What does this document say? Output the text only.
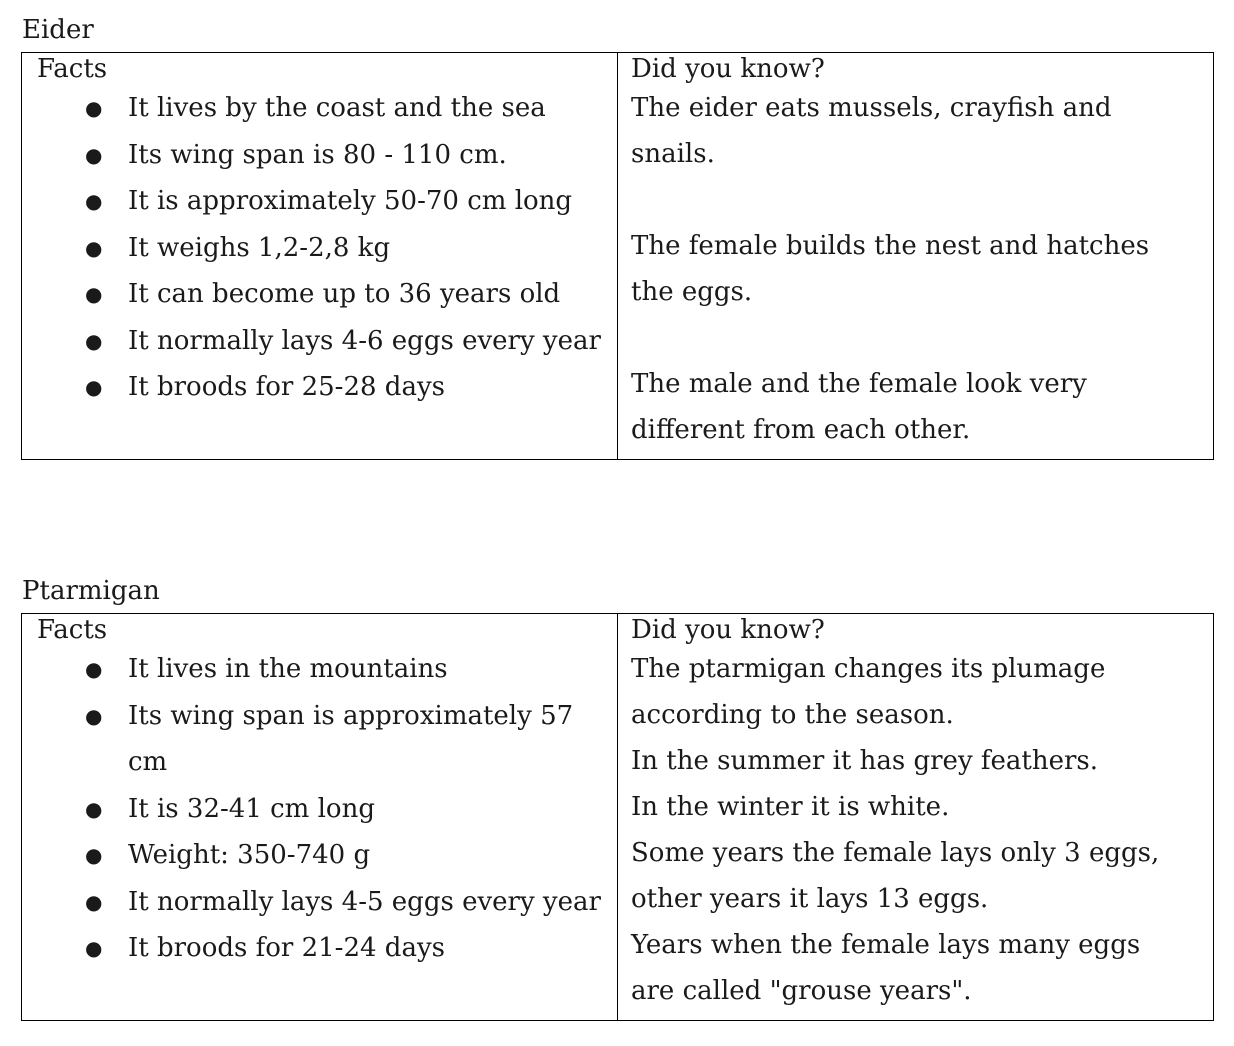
Eider
Facts
● It lives by the coast and the sea
● Its wing span is 80 - 110 cm.
● It is approximately 50-70 cm long
● It weighs 1,2-2,8 kg
● It can become up to 36 years old
● It normally lays 4-6 eggs every year
● It broods for 25-28 days
Did you know?
The eider eats mussels, crayfish and
snails.
The female builds the nest and hatches
the eggs.
The male and the female look very
different from each other.
Ptarmigan
Facts
● It lives in the mountains
● Its wing span is approximately 57 cm
● It is 32-41 cm long
● Weight: 350-740 g
● It normally lays 4-5 eggs every year
● It broods for 21-24 days
Did you know?
The ptarmigan changes its plumage
according to the season.
In the summer it has grey feathers.
In the winter it is white.
Some years the female lays only 3 eggs,
other years it lays 13 eggs.
Years when the female lays many eggs
are called "grouse years".
